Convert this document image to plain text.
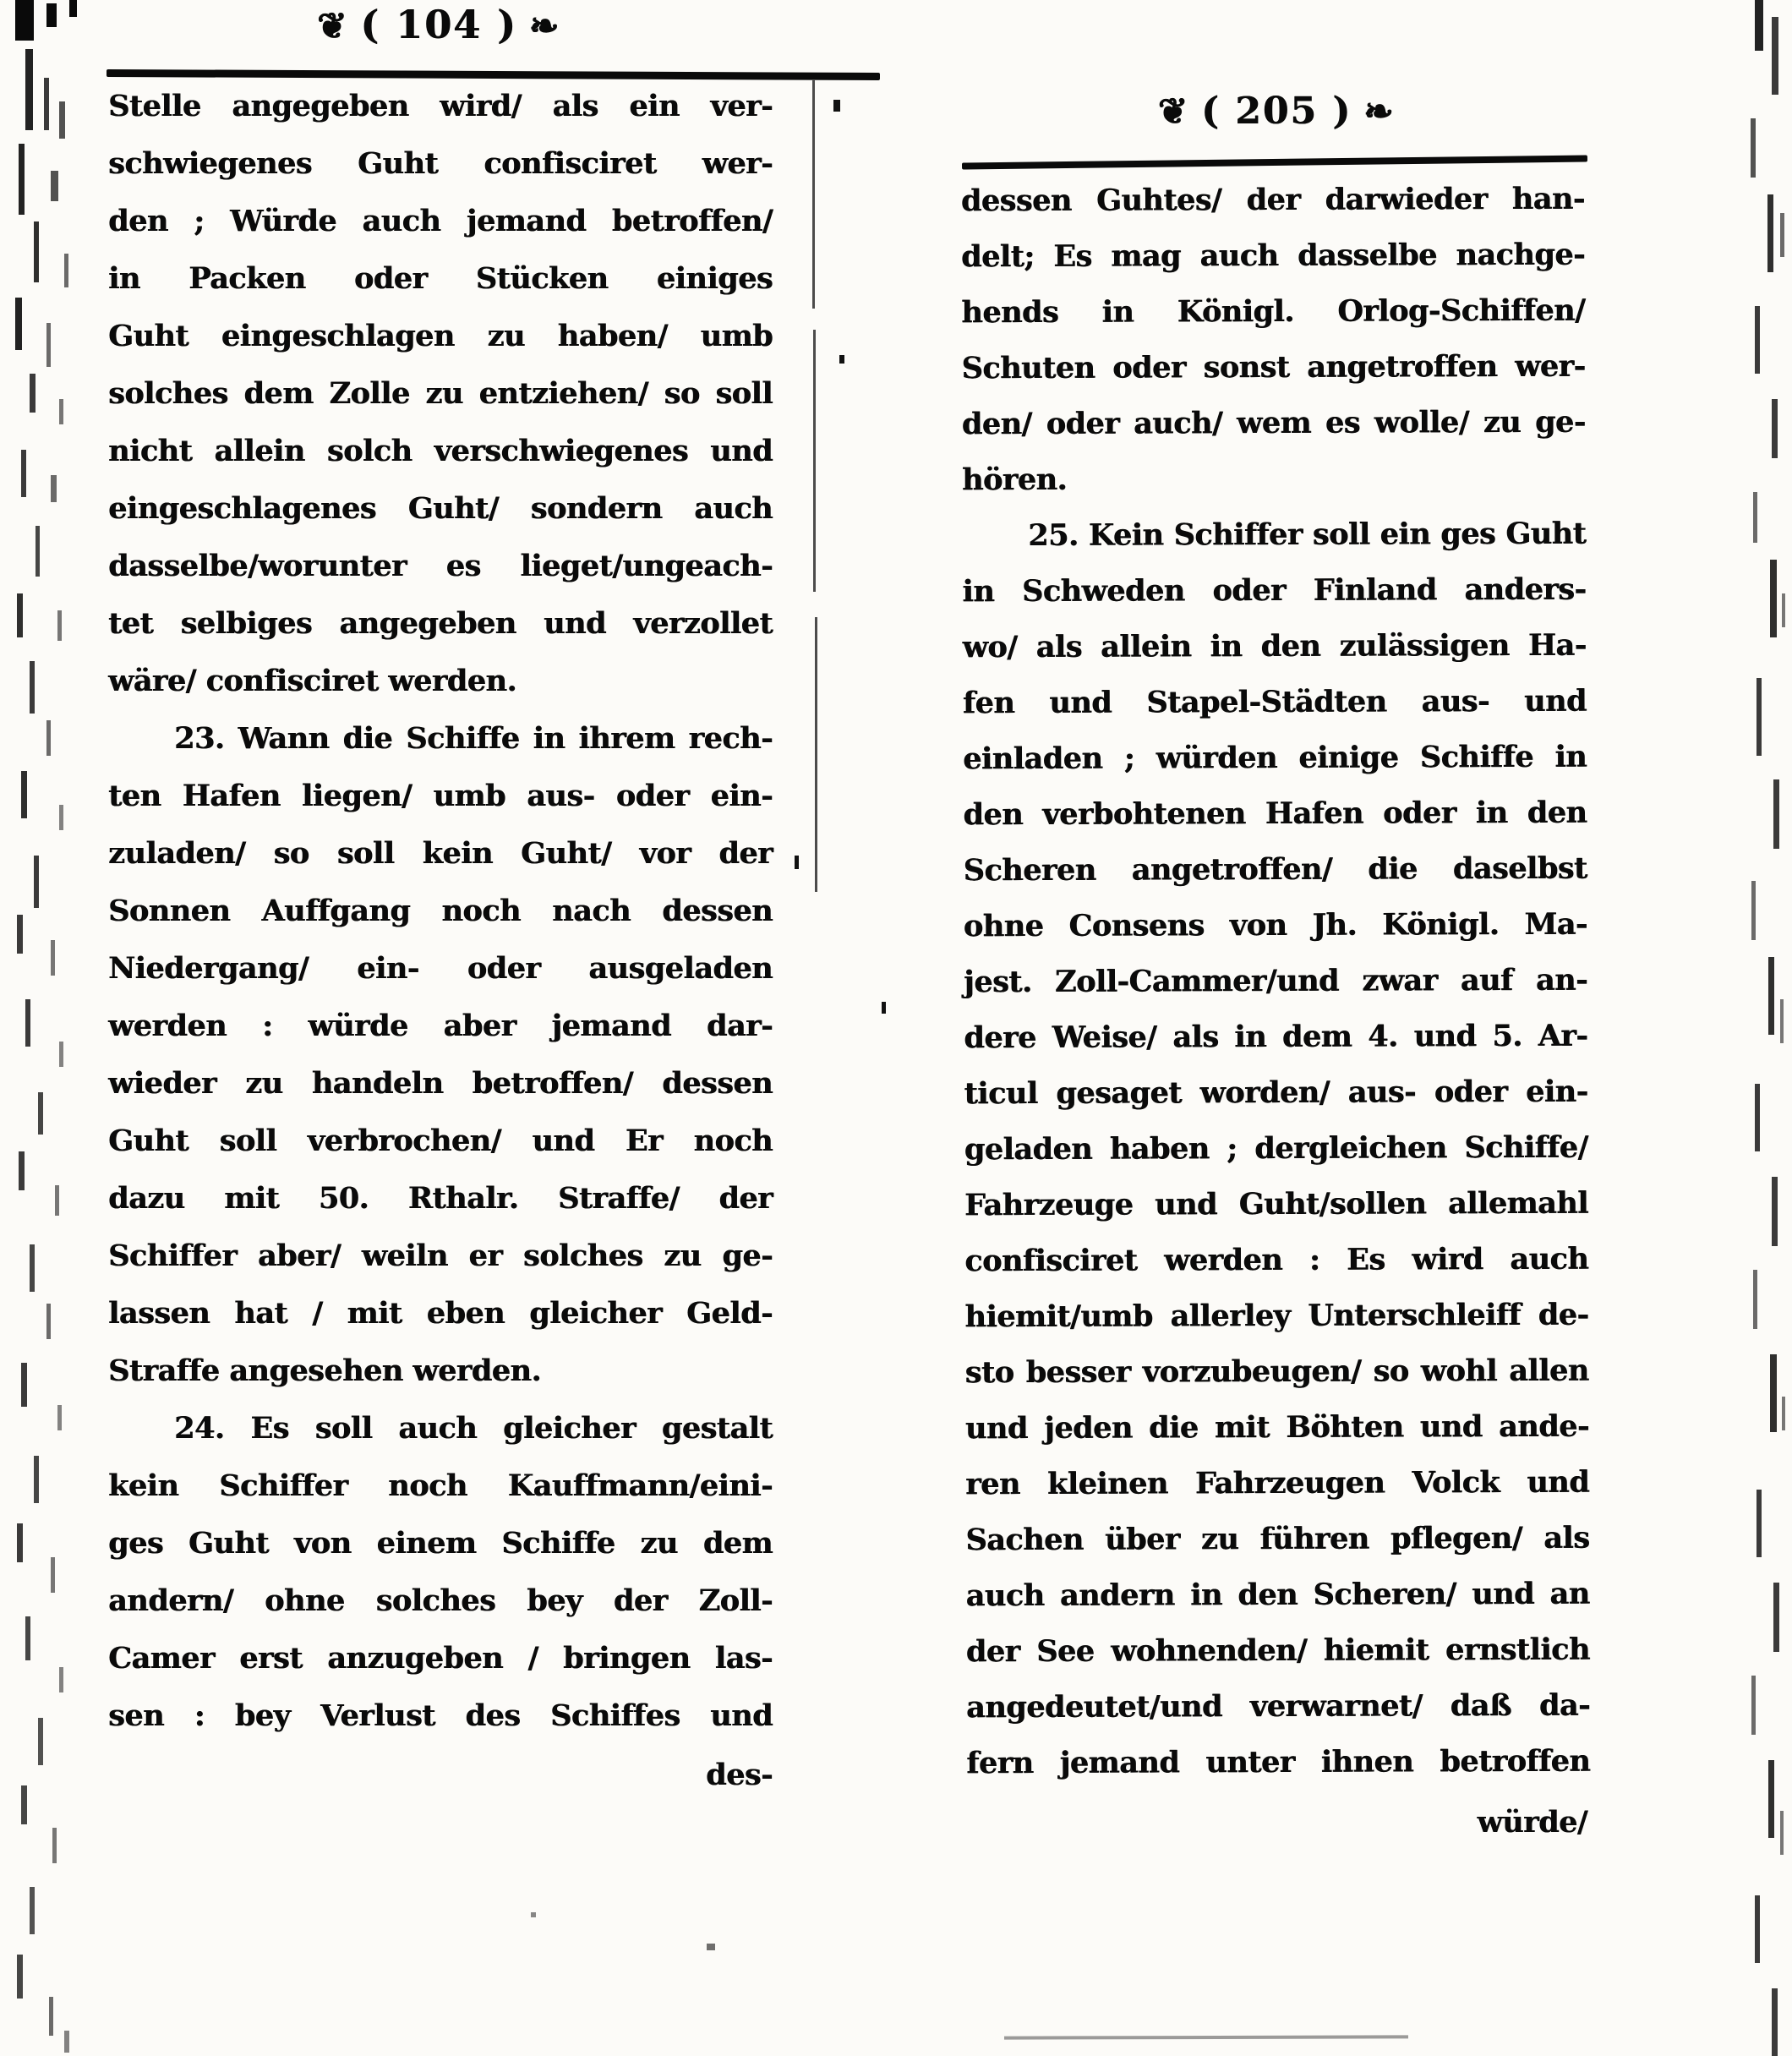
❦ ( 104 ) ❧
Stelle angegeben wird/ als ein ver-
schwiegenes Guht confisciret wer-
den ; Würde auch jemand betroffen/
in Packen oder Stücken einiges
Guht eingeschlagen zu haben/ umb
solches dem Zolle zu entziehen/ so soll
nicht allein solch verschwiegenes und
eingeschlagenes Guht/ sondern auch
dasselbe/worunter es lieget/ungeach-
tet selbiges angegeben und verzollet
wäre/ confisciret werden.
23. Wann die Schiffe in ihrem rech-
ten Hafen liegen/ umb aus- oder ein-
zuladen/ so soll kein Guht/ vor der
Sonnen Auffgang noch nach dessen
Niedergang/ ein- oder ausgeladen
werden : würde aber jemand dar-
wieder zu handeln betroffen/ dessen
Guht soll verbrochen/ und Er noch
dazu mit 50. Rthalr. Straffe/ der
Schiffer aber/ weiln er solches zu ge-
lassen hat / mit eben gleicher Geld-
Straffe angesehen werden.
24. Es soll auch gleicher gestalt
kein Schiffer noch Kauffmann/eini-
ges Guht von einem Schiffe zu dem
andern/ ohne solches bey der Zoll-
Camer erst anzugeben / bringen las-
sen : bey Verlust des Schiffes und
des-
❦ ( 205 ) ❧
dessen Guhtes/ der darwieder han-
delt; Es mag auch dasselbe nachge-
hends in Königl. Orlog-Schiffen/
Schuten oder sonst angetroffen wer-
den/ oder auch/ wem es wolle/ zu ge-
hören.
25. Kein Schiffer soll ein ges Guht
in Schweden oder Finland anders-
wo/ als allein in den zulässigen Ha-
fen und Stapel-Städten aus- und
einladen ; würden einige Schiffe in
den verbohtenen Hafen oder in den
Scheren angetroffen/ die daselbst
ohne Consens von Jh. Königl. Ma-
jest. Zoll-Cammer/und zwar auf an-
dere Weise/ als in dem 4. und 5. Ar-
ticul gesaget worden/ aus- oder ein-
geladen haben ; dergleichen Schiffe/
Fahrzeuge und Guht/sollen allemahl
confisciret werden : Es wird auch
hiemit/umb allerley Unterschleiff de-
sto besser vorzubeugen/ so wohl allen
und jeden die mit Böhten und ande-
ren kleinen Fahrzeugen Volck und
Sachen über zu führen pflegen/ als
auch andern in den Scheren/ und an
der See wohnenden/ hiemit ernstlich
angedeutet/und verwarnet/ daß da-
fern jemand unter ihnen betroffen
würde/
